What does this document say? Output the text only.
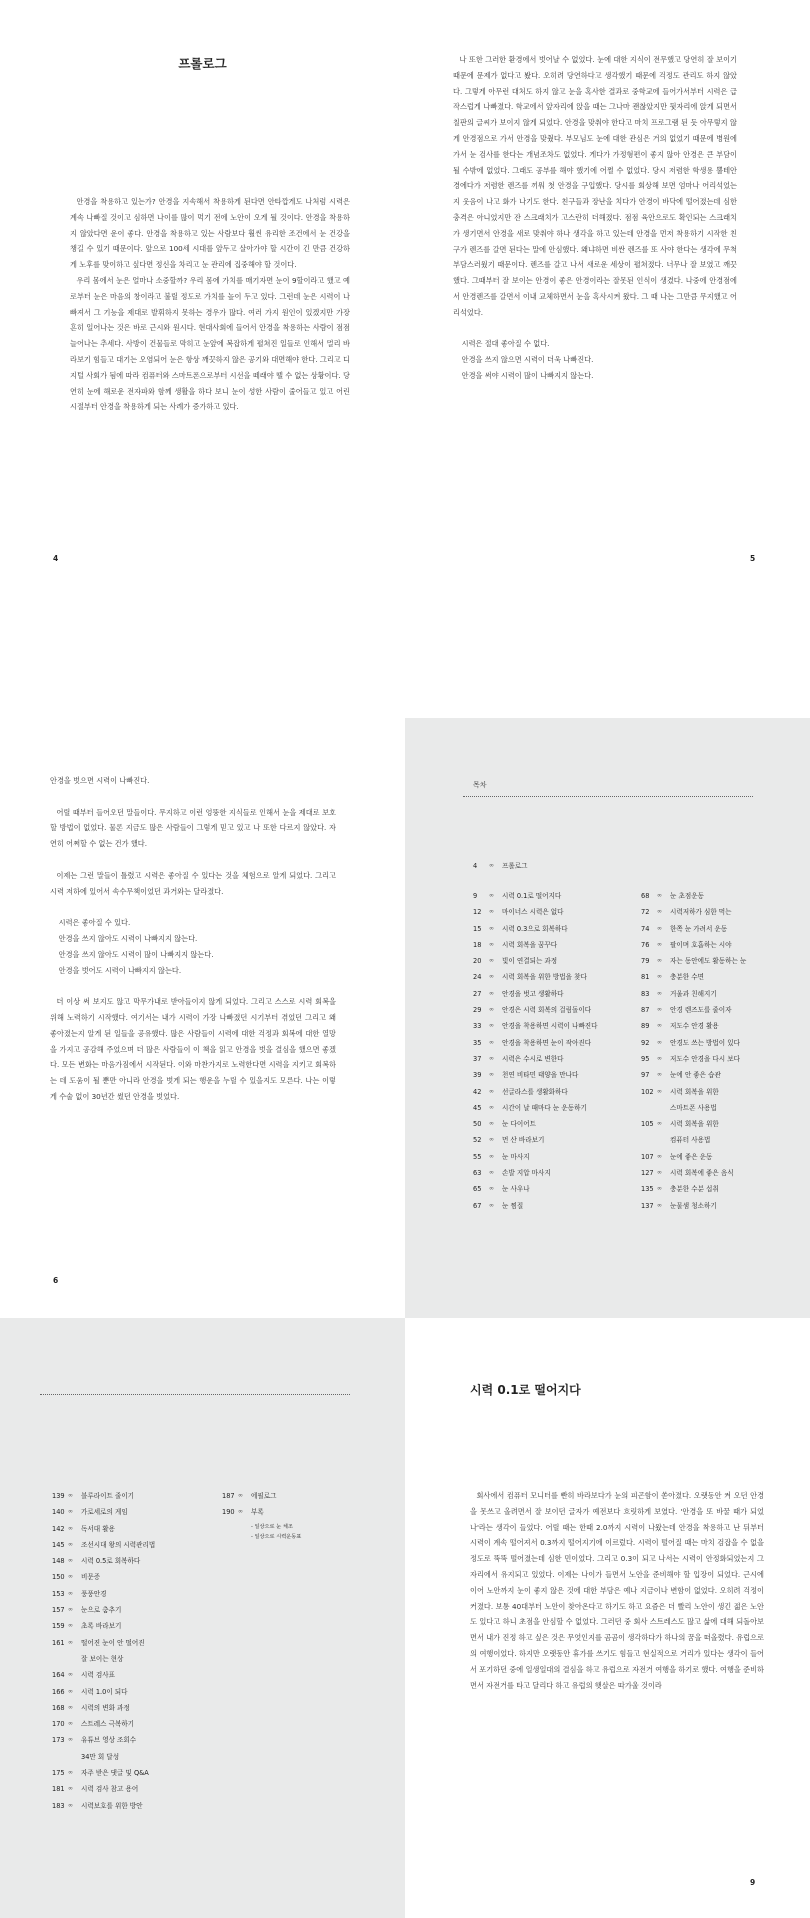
프롤로그

안경을 착용하고 있는가? 안경을 지속해서 착용하게 된다면 안타깝게도 나처럼 시력은 계속 나빠질 것이고 심하면 나이를 많이 먹기 전에 노안이 오게 될 것이다. 안경을 착용하지 않았다면 운이 좋다. 안경을 착용하고 있는 사람보다 훨씬 유리한 조건에서 눈 건강을 챙길 수 있기 때문이다. 앞으로 100세 시대를 앞두고 살아가야 할 시간이 긴 만큼 건강하게 노후를 맞이하고 싶다면 정신을 차리고 눈 관리에 집중해야 할 것이다.

우리 몸에서 눈은 얼마나 소중할까? 우리 몸에 가치를 매기자면 눈이 9할이라고 했고 예로부터 눈은 마음의 창이라고 불릴 정도로 가치를 높이 두고 있다. 그런데 눈은 시력이 나빠져서 그 기능을 제대로 발휘하지 못하는 경우가 많다. 여러 가지 원인이 있겠지만 가장 흔히 일어나는 것은 바로 근시와 원시다. 현대사회에 들어서 안경을 착용하는 사람이 점점 늘어나는 추세다. 사방이 건물들로 막히고 눈앞에 복잡하게 펼쳐진 일들로 인해서 멀리 바라보기 힘들고 대기는 오염되어 눈은 항상 깨끗하지 않은 공기와 대면해야 한다. 그리고 디지털 사회가 됨에 따라 컴퓨터와 스마트폰으로부터 시선을 떼래야 뗄 수 없는 상황이다. 당연히 눈에 해로운 전자파와 함께 생활을 하다 보니 눈이 성한 사람이 줄어들고 있고 어린 시절부터 안경을 착용하게 되는 사례가 증가하고 있다.

4

나 또한 그러한 환경에서 벗어날 수 없었다. 눈에 대한 지식이 전무했고 당연히 잘 보이기 때문에 문제가 없다고 봤다. 오히려 당연하다고 생각했기 때문에 걱정도 관리도 하지 않았다. 그렇게 아무런 대처도 하지 않고 눈을 혹사한 결과로 중학교에 들어가서부터 시력은 급작스럽게 나빠졌다. 학교에서 앞자리에 앉을 때는 그나마 괜찮았지만 뒷자리에 앉게 되면서 칠판의 글씨가 보이지 않게 되었다. 안경을 맞춰야 한다고 마치 프로그램 된 듯 아무렇지 않게 안경점으로 가서 안경을 맞췄다. 부모님도 눈에 대한 관심은 거의 없었기 때문에 병원에 가서 눈 검사를 한다는 개념조차도 없었다. 게다가 가정형편이 좋지 않아 안경은 큰 부담이 될 수밖에 없었다. 그래도 공부를 해야 했기에 어쩔 수 없었다. 당시 저렴한 학생용 뿔테안경에다가 저렴한 렌즈를 끼워 첫 안경을 구입했다. 당시를 회상해 보면 엄마나 어리석었는지 웃음이 나고 화가 나기도 한다. 친구들과 장난을 치다가 안경이 바닥에 떨어졌는데 심한 충격은 아니었지만 잔 스크래치가 고스란히 더해졌다. 점점 육안으로도 확인되는 스크래치가 생기면서 안경을 새로 맞춰야 하나 생각을 하고 있는데 안경을 먼저 착용하기 시작한 친구가 렌즈를 갈면 된다는 말에 안심했다. 왜냐하면 비싼 렌즈를 또 사야 한다는 생각에 무척 부담스러웠기 때문이다. 렌즈를 갈고 나서 새로운 세상이 펼쳐졌다. 너무나 잘 보였고 깨끗했다. 그때부터 잘 보이는 안경이 좋은 안경이라는 잘못된 인식이 생겼다. 나중에 안경점에서 안경렌즈를 갈면서 이내 교체하면서 눈을 혹사시켜 왔다. 그 때 나는 그만큼 무지했고 어리석었다.

시력은 절대 좋아질 수 없다.

안경을 쓰지 않으면 시력이 더욱 나빠진다.

안경을 써야 시력이 많이 나빠지지 않는다.

5

안경을 벗으면 시력이 나빠진다.

어릴 때부터 들어오던 말들이다. 무지하고 이런 엉뚱한 지식들로 인해서 눈을 제대로 보호할 방법이 없었다. 물론 지금도 많은 사람들이 그렇게 믿고 있고 나 또한 다르지 않았다. 자연히 어쩌할 수 없는 건가 했다.

이제는 그런 말들이 틀렸고 시력은 좋아질 수 있다는 것을 체험으로 알게 되었다. 그리고 시력 저하에 있어서 속수무책이었던 과거와는 달라졌다.

시력은 좋아질 수 있다.

안경을 쓰지 않아도 시력이 나빠지지 않는다.

안경을 쓰지 않아도 시력이 많이 나빠지지 않는다.

안경을 벗어도 시력이 나빠지지 않는다.

더 이상 써 보지도 않고 막무가내로 받아들이지 않게 되었다. 그리고 스스로 시력 회복을 위해 노력하기 시작했다. 여기서는 내가 시력이 가장 나빠졌던 시기부터 겪었던 그리고 왜 좋아졌는지 알게 된 일들을 공유했다. 많은 사람들이 시력에 대한 걱정과 회복에 대한 열망을 가지고 공감해 주었으며 더 많은 사람들이 이 책을 읽고 안경을 벗을 결심을 했으면 좋겠다. 모든 변화는 마음가짐에서 시작된다. 이와 마찬가지로 노력한다면 시력을 지키고 회복하는 데 도움이 될 뿐만 아니라 안경을 벗게 되는 행운을 누릴 수 있을지도 모른다. 나는 이렇게 수술 없이 30년간 썼던 안경을 벗었다.

6
목차
4	∞	프롤로그
9	∞	시력 0.1로 떨어지다
12	∞	마이너스 시력은 없다
15	∞	시력 0.3으로 회복하다
18	∞	시력 회복을 꿈꾸다
20	∞	빛이 연결되는 과정
24	∞	시력 회복을 위한 방법을 찾다
27	∞	안경을 벗고 생활하다
29	∞	안경은 시력 회복의 걸림돌이다
33	∞	안경을 착용하면 시력이 나빠진다
35	∞	안경을 착용하면 눈이 작아진다
37	∞	시력은 수시로 변한다
39	∞	천연 비타민 태양을 만나다
42	∞	선글라스를 생활화하다
45	∞	시간이 날 때마다 눈 운동하기
50	∞	눈 다이어트
52	∞	먼 산 바라보기
55	∞	눈 마사지
63	∞	손발 지압 마사지
65	∞	눈 사우나
67	∞	눈 찜질
68	∞	눈 초점운동
72	∞	시력저하가 심한 먹는
74	∞	한쪽 눈 가려서 운동
76	∞	팔이며 호흡하는 시야
79	∞	자는 동안에도 활동하는 눈
81	∞	충분한 수면
83	∞	거울과 친해지기
87	∞	안경 렌즈도를 줄이자
89	∞	저도수 안경 활용
92	∞	안경도 쓰는 방법이 있다
95	∞	저도수 안경을 다시 보다
97	∞	눈에 안 좋은 습관
102 ∞	시력 회복을 위한
스마트폰 사용법
105 ∞	시력 회복을 위한
컴퓨터 사용법
107 ∞	눈에 좋은 운동
127 ∞	시력 회복에 좋은 음식
135 ∞	충분한 수분 섭취
137 ∞	눈물샘 청소하기
139 ∞	블루라이트 줄이기
140 ∞	가로세로의 게임
142 ∞	독서대 활용
145 ∞	조선시대 왕의 시력관리법
148 ∞	시력 0.5로 회복하다
150 ∞	비문증
153 ∞	풍풍안경
157 ∞	눈으로 춤추기
159 ∞	초록 바라보기
161 ∞	떨어진 눈이 안 떨어진
잘 보이는 현상
164 ∞	시력 검사표
166 ∞	시력 1.0이 되다
168 ∞	시력의 변화 과정
170 ∞	스트레스 극복하기
173 ∞	유튜브 영상 조회수
34만 회 달성
175 ∞	자주 받은 댓글 및 Q&A
181 ∞	시력 검사 참고 용어
183 ∞	시력보호를 위한 방안
187 ∞	에필로그
190 ∞	부록
- 일상으로 눈 체조
- 일상으로 시력운동표
시력 0.1로 떨어지다

회사에서 컴퓨터 모니터를 빤히 바라보다가 눈의 피곤함이 쏟아졌다. 오랫동안 켜 오던 안경을 못쓰고 올려면서 잘 보이던 글자가 예전보다 흐릿하게 보였다. '안경을 또 바꿀 때가 되었나'라는 생각이 들었다. 어릴 때는 한때 2.0까지 시력이 나왔는데 안경을 착용하고 난 뒤부터 시력이 계속 떨어져서 0.3까지 떨어지기에 이르렀다. 시력이 떨어질 때는 마치 검잡을 수 없을 정도로 뚝뚝 떨어졌는데 심한 민이었다. 그리고 0.3이 되고 나서는 시력이 안정화되었는지 그 자리에서 유지되고 있었다. 이제는 나이가 들면서 노안을 준비해야 할 입장이 되었다. 근시에 이어 노안까지 눈이 좋지 않은 것에 대한 부담은 예나 지금이나 변함이 없었다. 오히려 걱정이 커졌다. 보통 40대부터 노안이 찾아온다고 하기도 하고 요즘은 더 빨리 노안이 생긴 젊은 노안도 있다고 하니 초점을 안심할 수 없었다. 그러던 중 회사 스트레스도 많고 삶에 대해 되돌아보면서 내가 진정 하고 싶은 것은 무엇인지를 곰곰이 생각하다가 하나의 꿈을 떠올렸다. 유럽으로의 여행이었다. 하지만 오랫동안 휴가를 쓰기도 힘들고 현실적으로 거리가 있다는 생각이 들어서 포기하던 중에 일생일대의 결심을 하고 유럽으로 자전거 여행을 하기로 했다. 여행을 준비하면서 자전거를 타고 달리다 하고 유럽의 햇살은 따가울 것이라

9
